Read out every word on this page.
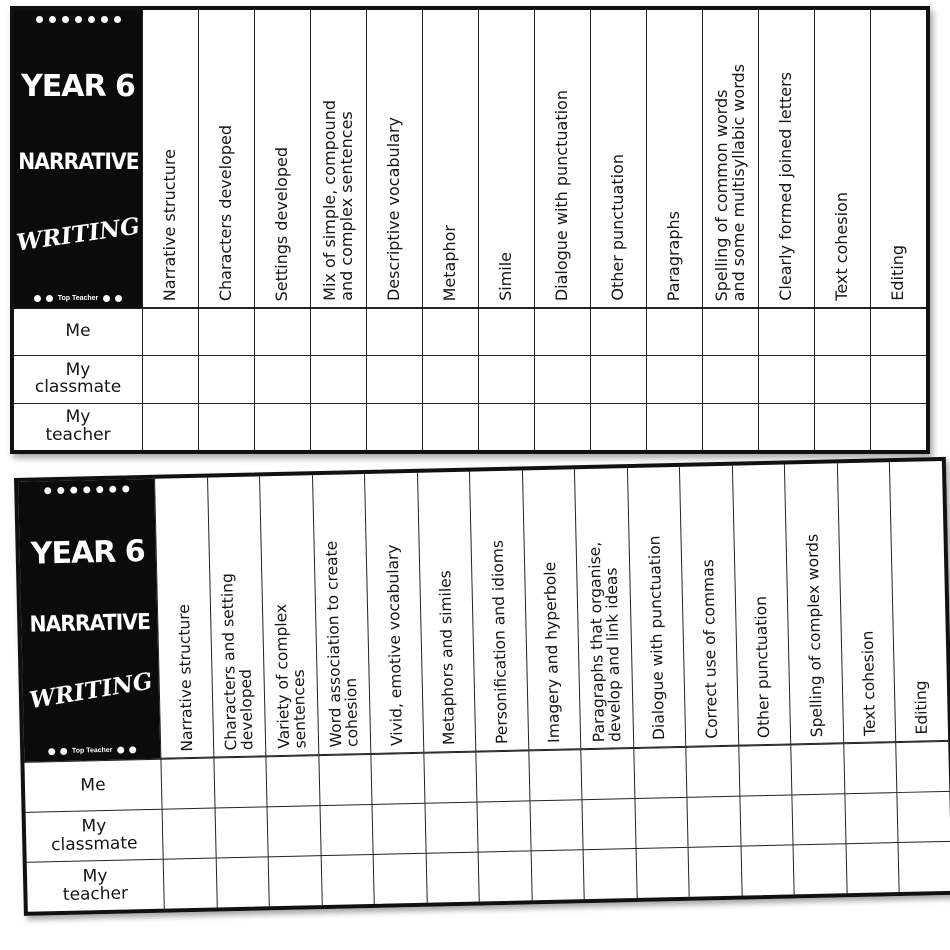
YEAR 6
NARRATIVE
WRITING
Top Teacher	Narrative structure Characters developed Settings developed Mix of simple, compound
and complex sentences Descriptive vocabulary Metaphor Simile Dialogue with punctuation Other punctuation Paragraphs Spelling of common words
and some multisyllabic words Clearly formed joined letters Text cohesion Editing
Me
My
classmate
My
teacher
YEAR 6
NARRATIVE
WRITING
Top Teacher	Narrative structure Characters and setting
developed Variety of complex
sentences Word association to create
cohesion Vivid, emotive vocabulary Metaphors and similes Personification and idioms Imagery and hyperbole Paragraphs that organise,
develop and link ideas Dialogue with punctuation Correct use of commas Other punctuation Spelling of complex words Text cohesion Editing
Me
My
classmate
My
teacher
